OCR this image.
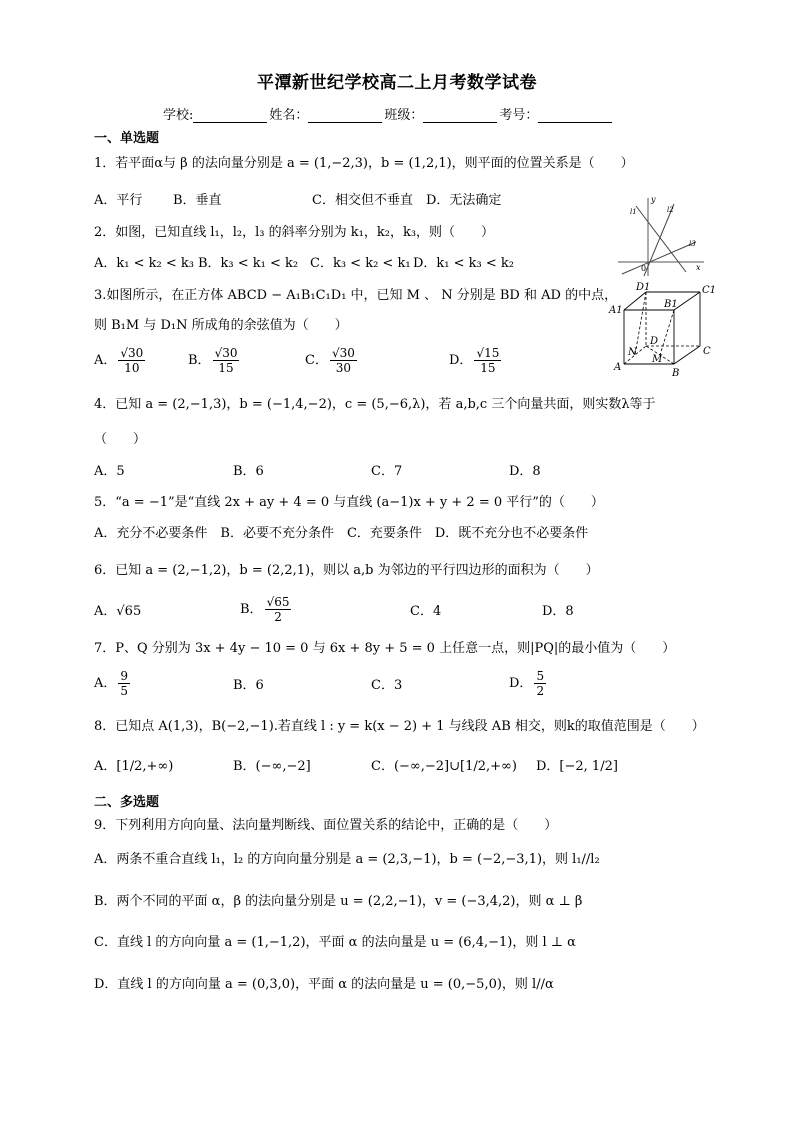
平潭新世纪学校高二上月考数学试卷
学校:	姓名：	班级：	考号：
一、单选题
1．若平面α与 β 的法向量分别是 a = (1,−2,3)，b = (1,2,1)，则平面的位置关系是（　　）
A．平行 B．垂直	C．相交但不垂直 D．无法确定
2．如图，已知直线 l₁，l₂，l₃ 的斜率分别为 k₁，k₂，k₃，则（　　）
A．k₁ < k₂ < k₃ B．k₃ < k₁ < k₂ C．k₃ < k₂ < k₁ D．k₁ < k₃ < k₂
y
x
0
l1	l2
l3
3.如图所示，在正方体 ABCD − A₁B₁C₁D₁ 中，已知 M 、 N 分别是 BD 和 AD 的中点，
则 B₁M 与 D₁N 所成角的余弦值为（　　）
A． $\frac{√30}{10}$	B． $\frac{√30}{15}$	C． $\frac{√30}{30}$	D． $\frac{√15}{15}$
D1	C1
A1
B1
A
B
C
D
M
N
4．已知 a = (2,−1,3)，b = (−1,4,−2)，c = (5,−6,λ)，若 a,b,c 三个向量共面，则实数λ等于
（　　）
A．5	B．6	C．7	D．8
5．“a = −1”是“直线 2x + ay + 4 = 0 与直线 (a−1)x + y + 2 = 0 平行”的（　　）
A．充分不必要条件　B．必要不充分条件　C．充要条件　D．既不充分也不必要条件
6．已知 a = (2,−1,2)，b = (2,2,1)，则以 a,b 为邻边的平行四边形的面积为（　　）
A．√65	B． $\frac{√65}{2}$	C．4	D．8
7．P、Q 分别为 3x + 4y − 10 = 0 与 6x + 8y + 5 = 0 上任意一点，则|PQ|的最小值为（　　）
A． $\frac{9}{5}$	B．6	C．3	D． $\frac{5}{2}$
8．已知点 A(1,3)，B(−2,−1).若直线 l : y = k(x − 2) + 1 与线段 AB 相交，则k的取值范围是（　　）
A．[1/2,+∞)	B．(−∞,−2]	C．(−∞,−2]∪[1/2,+∞) D．[−2, 1/2]
二、多选题
9．下列利用方向向量、法向量判断线、面位置关系的结论中，正确的是（　　）
A．两条不重合直线 l₁，l₂ 的方向向量分别是 a = (2,3,−1)，b = (−2,−3,1)，则 l₁//l₂
B．两个不同的平面 α，β 的法向量分别是 u = (2,2,−1)，v = (−3,4,2)，则 α ⊥ β
C．直线 l 的方向向量 a = (1,−1,2)，平面 α 的法向量是 u = (6,4,−1)，则 l ⊥ α
D．直线 l 的方向向量 a = (0,3,0)，平面 α 的法向量是 u = (0,−5,0)，则 l//α
